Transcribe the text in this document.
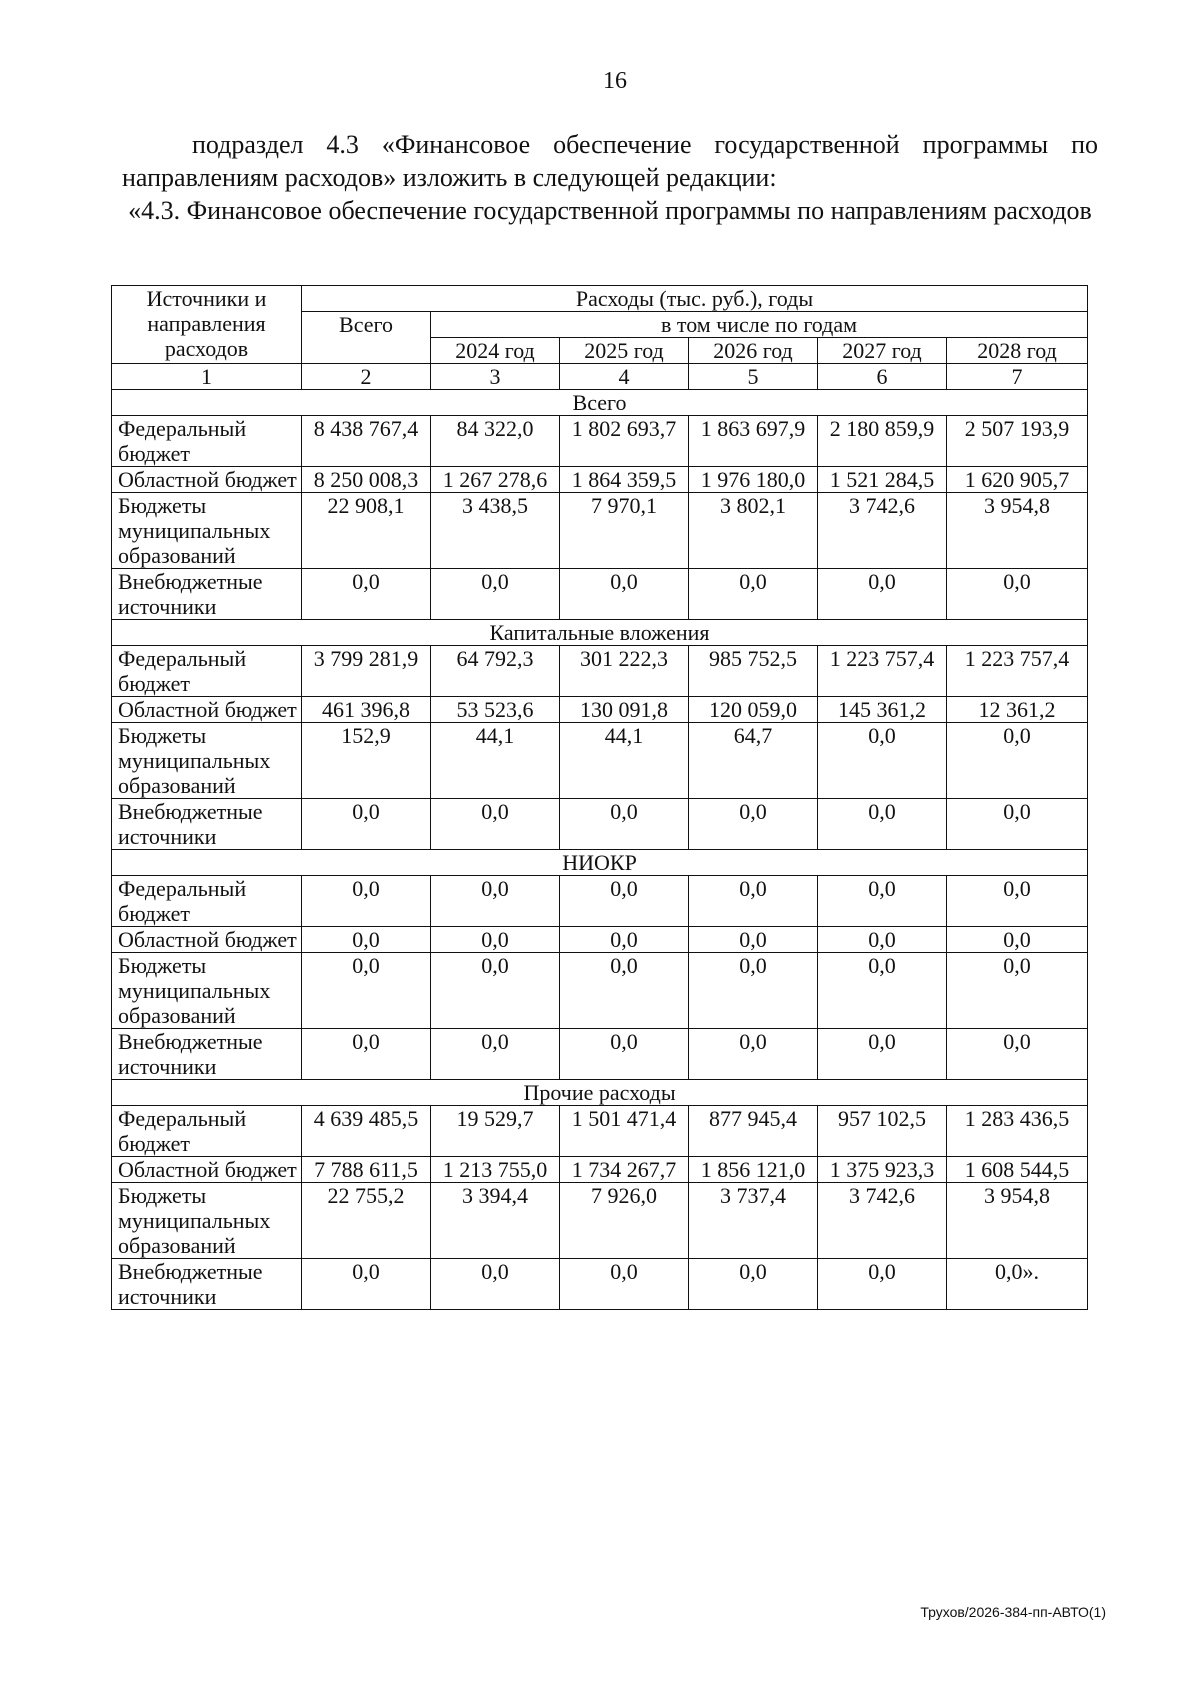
16
подраздел 4.3 «Финансовое обеспечение государственной программы по направлениям расходов» изложить в следующей редакции:
«4.3. Финансовое обеспечение государственной программы по направлениям расходов
Источники и направления расходов	Расходы (тыс. руб.), годы					
	Всего	в том числе по годам				
		2024 год	2025 год	2026 год	2027 год	2028 год
1	2	3	4	5	6	7
Всего						
Федеральный бюджет	8 438 767,4	84 322,0	1 802 693,7	1 863 697,9	2 180 859,9	2 507 193,9
Областной бюджет	8 250 008,3	1 267 278,6	1 864 359,5	1 976 180,0	1 521 284,5	1 620 905,7
Бюджеты муниципальных образований	22 908,1	3 438,5	7 970,1	3 802,1	3 742,6	3 954,8
Внебюджетные источники	0,0	0,0	0,0	0,0	0,0	0,0
Капитальные вложения						
Федеральный бюджет	3 799 281,9	64 792,3	301 222,3	985 752,5	1 223 757,4	1 223 757,4
Областной бюджет	461 396,8	53 523,6	130 091,8	120 059,0	145 361,2	12 361,2
Бюджеты муниципальных образований	152,9	44,1	44,1	64,7	0,0	0,0
Внебюджетные источники	0,0	0,0	0,0	0,0	0,0	0,0
НИОКР						
Федеральный бюджет	0,0	0,0	0,0	0,0	0,0	0,0
Областной бюджет	0,0	0,0	0,0	0,0	0,0	0,0
Бюджеты муниципальных образований	0,0	0,0	0,0	0,0	0,0	0,0
Внебюджетные источники	0,0	0,0	0,0	0,0	0,0	0,0
Прочие расходы						
Федеральный бюджет	4 639 485,5	19 529,7	1 501 471,4	877 945,4	957 102,5	1 283 436,5
Областной бюджет	7 788 611,5	1 213 755,0	1 734 267,7	1 856 121,0	1 375 923,3	1 608 544,5
Бюджеты муниципальных образований	22 755,2	3 394,4	7 926,0	3 737,4	3 742,6	3 954,8
Внебюджетные источники	0,0	0,0	0,0	0,0	0,0	0,0».
Трухов/2026-384-пп-АВТО(1)
